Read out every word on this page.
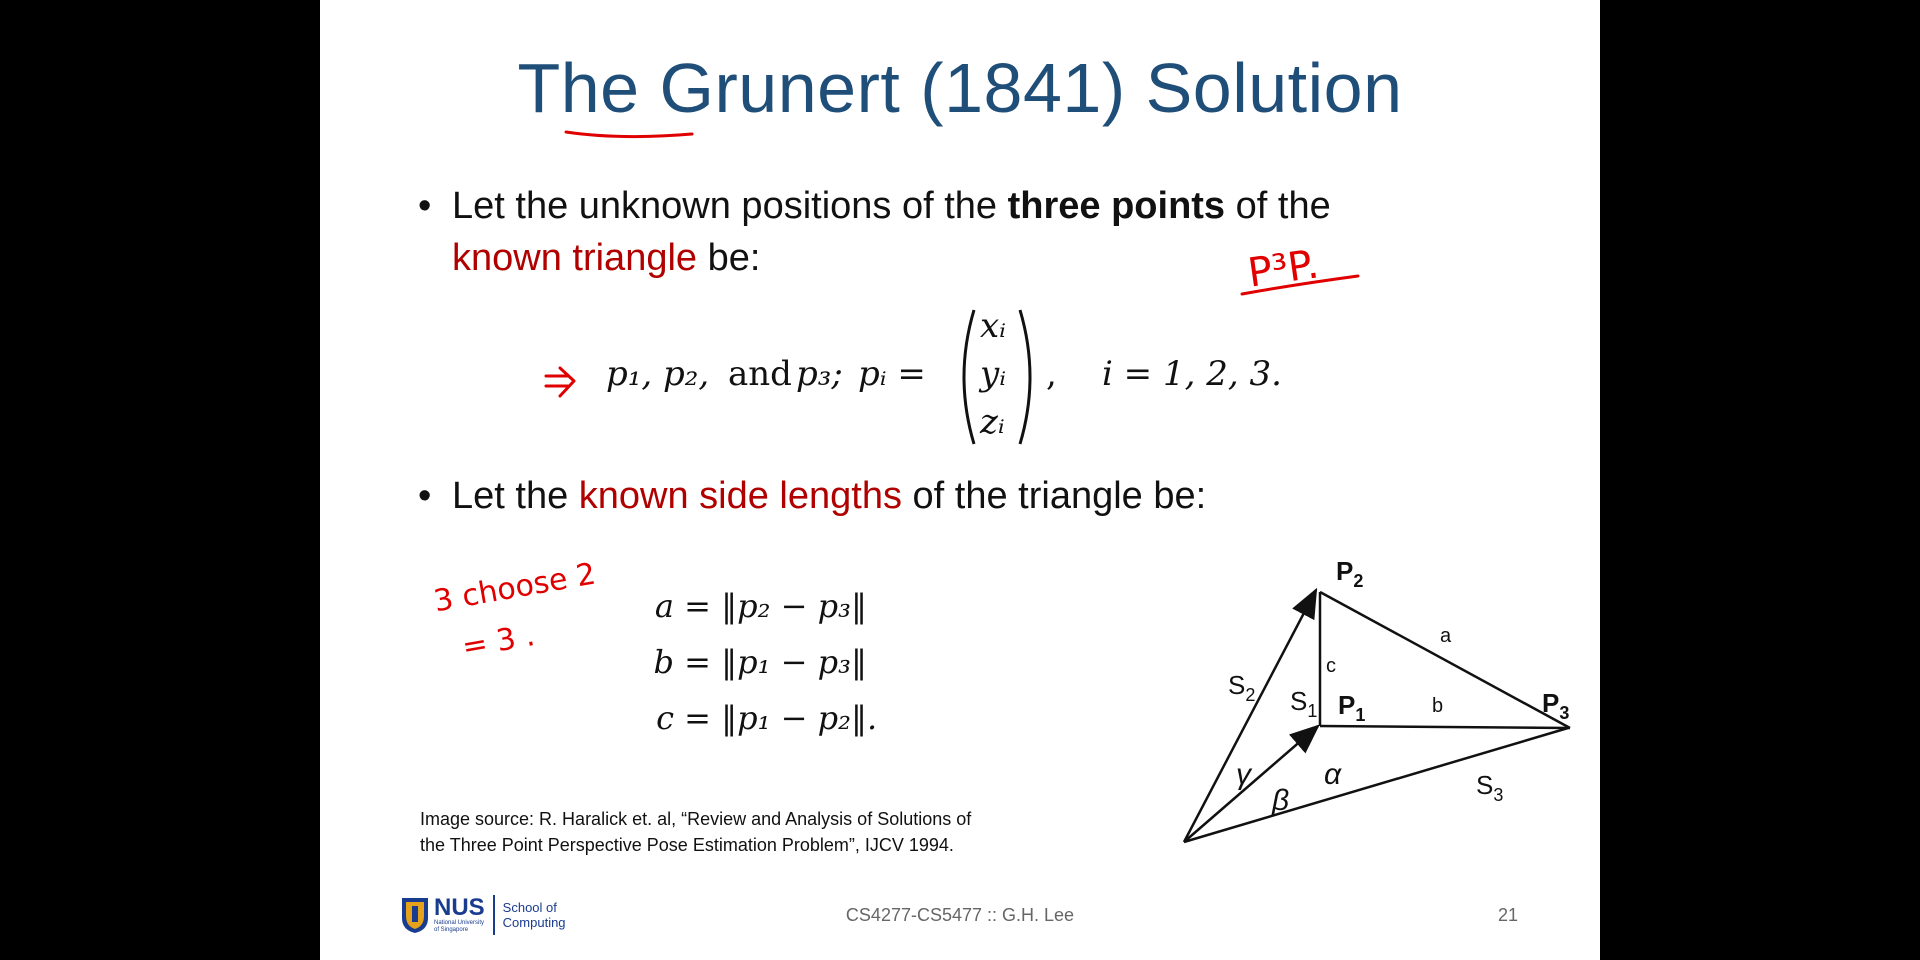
The Grunert (1841) Solution
• Let the unknown positions of the three points of the
known triangle be:	P³P.
p₁, p₂, and p₃; pᵢ =
xᵢ
yᵢ
zᵢ
, i = 1, 2, 3.
• Let the known side lengths of the triangle be:
3 choose 2
= 3 .
a = ‖p₂ − p₃‖
b = ‖p₁ − p₃‖
c = ‖p₁ − p₂‖.
$P_2$
$P_1$	$P_3$
a
b
c
$S_2$ $S_1$
$S_3$
α
β
γ
Image source: R. Haralick et. al, “Review and Analysis of Solutions of
the Three Point Perspective Pose Estimation Problem”, IJCV 1994.
NUS
National University
of Singapore
School of
Computing	CS4277-CS5477 :: G.H. Lee	21
